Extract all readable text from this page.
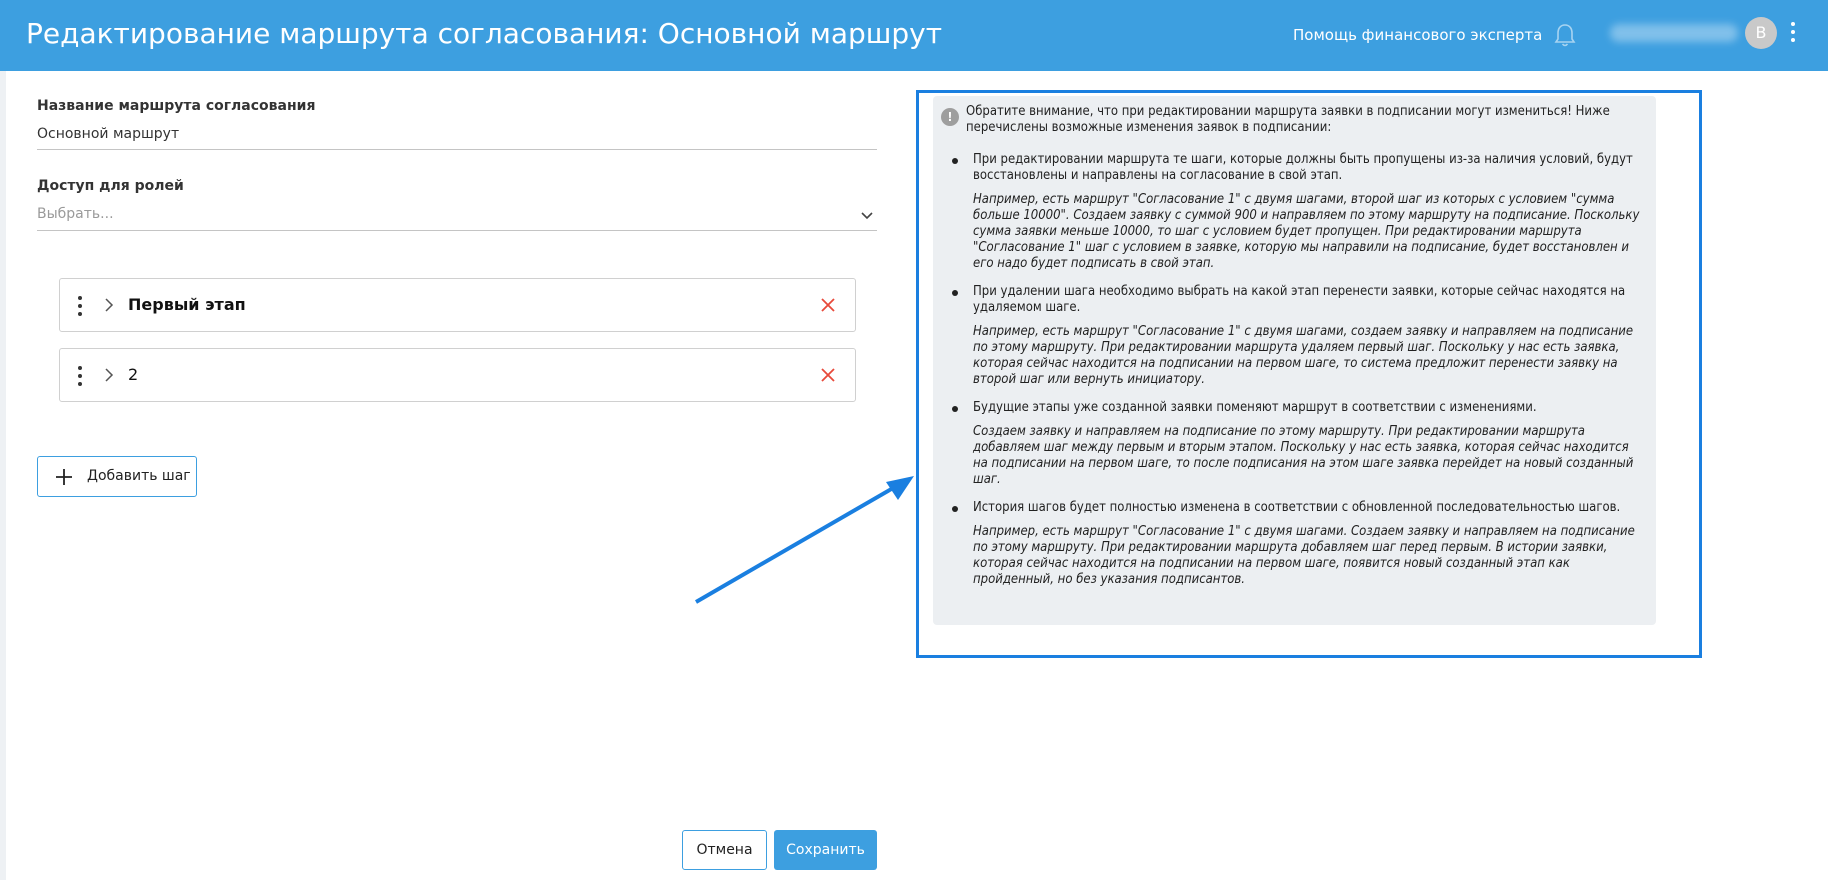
Редактирование маршрута согласования: Основной маршрут	Помощь финансового эксперта	В
Название маршрута согласования
Основной маршрут
Доступ для ролей
Выбрать...
Первый этап
2
Добавить шаг
!	Обратите внимание, что при редактировании маршрута заявки в подписании могут измениться! Ниже перечислены возможные изменения заявок в подписании:
При редактировании маршрута те шаги, которые должны быть пропущены из-за наличия условий, будут восстановлены и направлены на согласование в свой этап.
Например, есть маршрут "Согласование 1" с двумя шагами, второй шаг из которых с условием "сумма больше 10000". Создаем заявку с суммой 900 и направляем по этому маршруту на подписание. Поскольку сумма заявки меньше 10000, то шаг с условием будет пропущен. При редактировании маршрута "Согласование 1" шаг с условием в заявке, которую мы направили на подписание, будет восстановлен и его надо будет подписать в свой этап.
При удалении шага необходимо выбрать на какой этап перенести заявки, которые сейчас находятся на удаляемом шаге.
Например, есть маршрут "Согласование 1" с двумя шагами, создаем заявку и направляем на подписание по этому маршруту. При редактировании маршрута удаляем первый шаг. Поскольку у нас есть заявка, которая сейчас находится на подписании на первом шаге, то система предложит перенести заявку на второй шаг или вернуть инициатору.
Будущие этапы уже созданной заявки поменяют маршрут в соответствии с изменениями.
Создаем заявку и направляем на подписание по этому маршруту. При редактировании маршрута добавляем шаг между первым и вторым этапом. Поскольку у нас есть заявка, которая сейчас находится на подписании на первом шаге, то после подписания на этом шаге заявка перейдет на новый созданный шаг.
История шагов будет полностью изменена в соответствии с обновленной последовательностью шагов.
Например, есть маршрут "Согласование 1" с двумя шагами. Создаем заявку и направляем на подписание по этому маршруту. При редактировании маршрута добавляем шаг перед первым. В истории заявки, которая сейчас находится на подписании на первом шаге, появится новый созданный этап как пройденный, но без указания подписантов.
Отмена	Сохранить
